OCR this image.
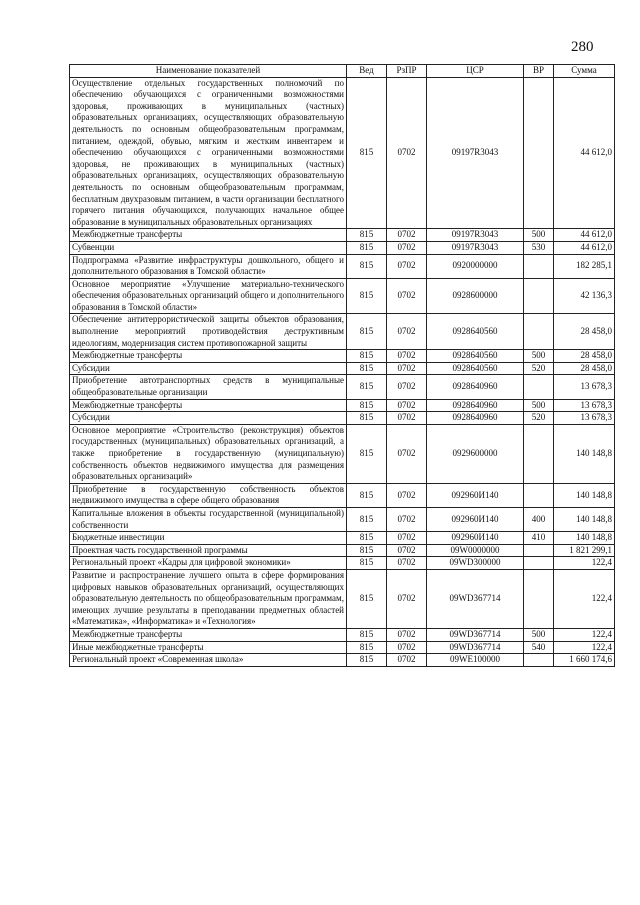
280
Наименование показателей	Вед	РзПР	ЦСР	ВР	Сумма
Осуществление отдельных государственных полномочий по обеспечению обучающихся с ограниченными возможностями здоровья, проживающих в муниципальных (частных) образовательных организациях, осуществляющих образовательную деятельность по основным общеобразовательным программам, питанием, одеждой, обувью, мягким и жестким инвентарем и обеспечению обучающихся с ограниченными возможностями здоровья, не проживающих в муниципальных (частных) образовательных организациях, осуществляющих образовательную деятельность по основным общеобразовательным программам, бесплатным двухразовым питанием, в части организации бесплатного горячего питания обучающихся, получающих начальное общее образование в муниципальных образовательных организациях	815	0702	09197R3043		44 612,0
Межбюджетные трансферты	815	0702	09197R3043	500	44 612,0
Субвенции	815	0702	09197R3043	530	44 612,0
Подпрограмма «Развитие инфраструктуры дошкольного, общего и дополнительного образования в Томской области»	815	0702	0920000000		182 285,1
Основное мероприятие «Улучшение материально-технического обеспечения образовательных организаций общего и дополнительного образования в Томской области»	815	0702	0928600000		42 136,3
Обеспечение антитеррористической защиты объектов образования, выполнение мероприятий противодействия деструктивным идеологиям, модернизация систем противопожарной защиты	815	0702	0928640560		28 458,0
Межбюджетные трансферты	815	0702	0928640560	500	28 458,0
Субсидии	815	0702	0928640560	520	28 458,0
Приобретение автотранспортных средств в муниципальные общеобразовательные организации	815	0702	0928640960		13 678,3
Межбюджетные трансферты	815	0702	0928640960	500	13 678,3
Субсидии	815	0702	0928640960	520	13 678,3
Основное мероприятие «Строительство (реконструкция) объектов государственных (муниципальных) образовательных организаций, а также приобретение в государственную (муниципальную) собственность объектов недвижимого имущества для размещения образовательных организаций»	815	0702	0929600000		140 148,8
Приобретение в государственную собственность объектов недвижимого имущества в сфере общего образования	815	0702	092960И140		140 148,8
Капитальные вложения в объекты государственной (муниципальной) собственности	815	0702	092960И140	400	140 148,8
Бюджетные инвестиции	815	0702	092960И140	410	140 148,8
Проектная часть государственной программы	815	0702	09W0000000		1 821 299,1
Региональный проект «Кадры для цифровой экономики»	815	0702	09WD300000		122,4
Развитие и распространение лучшего опыта в сфере формирования цифровых навыков образовательных организаций, осуществляющих образовательную деятельность по общеобразовательным программам, имеющих лучшие результаты в преподавании предметных областей «Математика», «Информатика» и «Технология»	815	0702	09WD367714		122,4
Межбюджетные трансферты	815	0702	09WD367714	500	122,4
Иные межбюджетные трансферты	815	0702	09WD367714	540	122,4
Региональный проект «Современная школа»	815	0702	09WE100000		1 660 174,6
